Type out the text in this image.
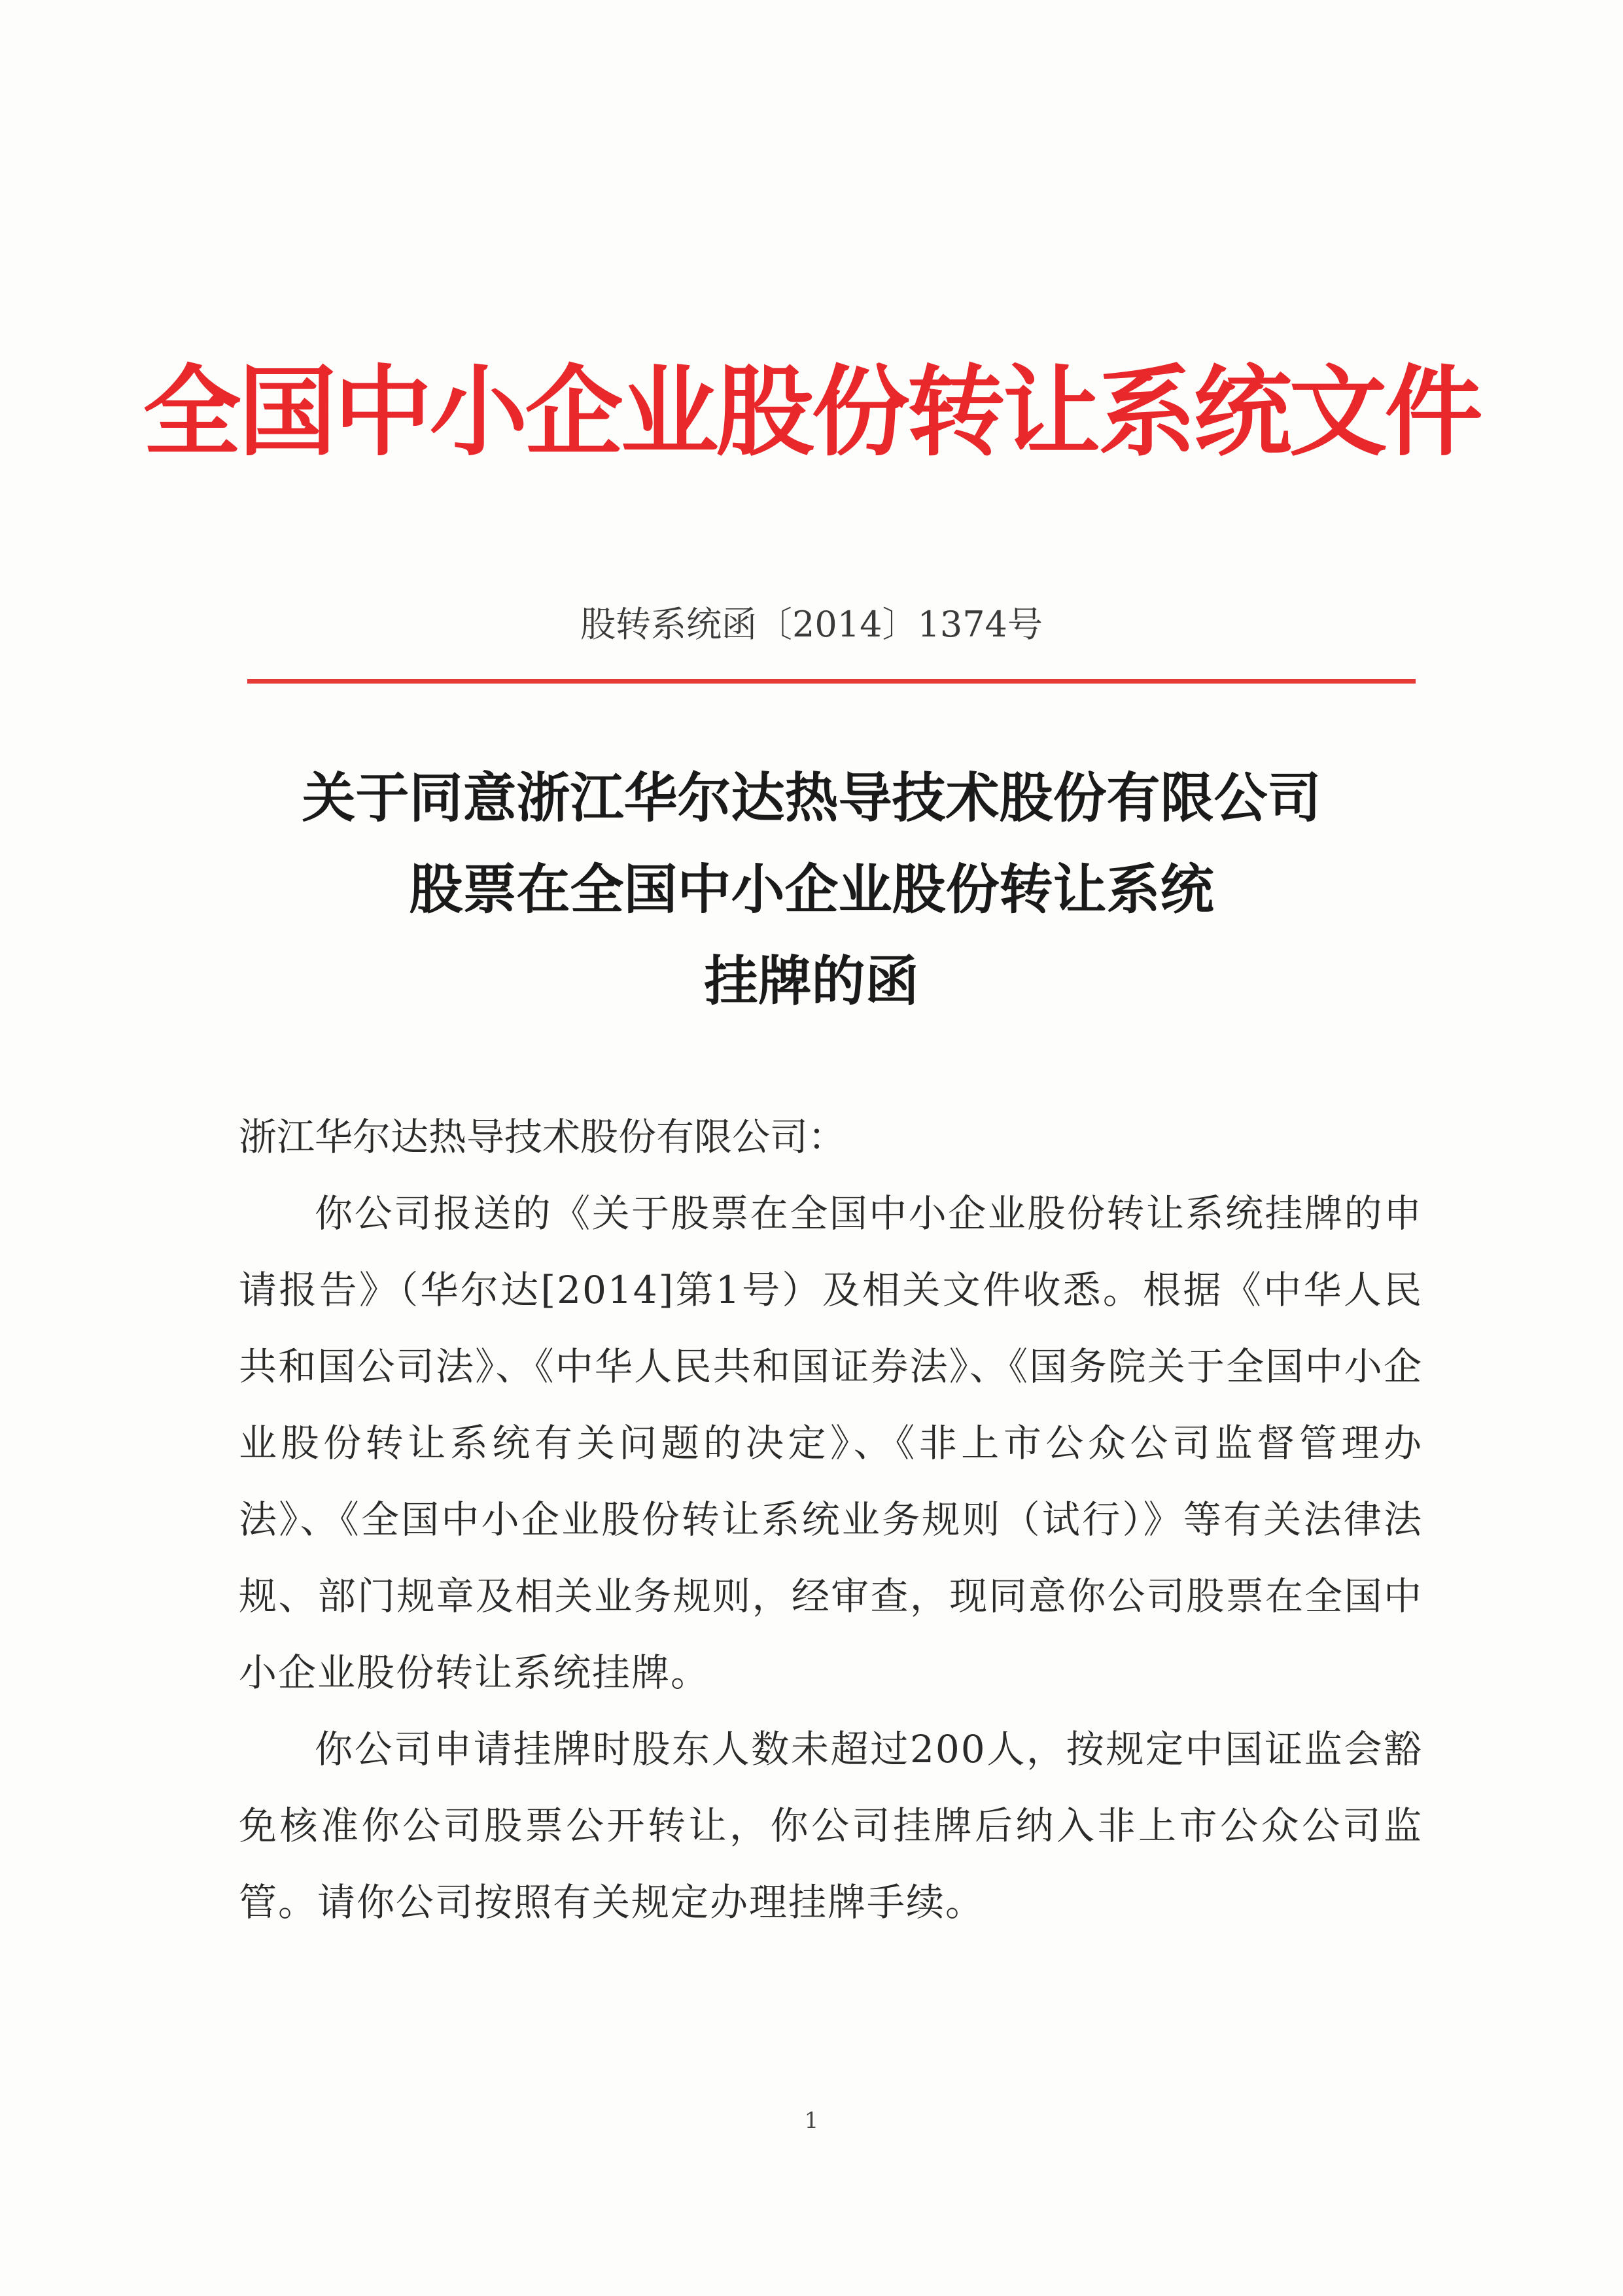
全国中小企业股份转让系统文件
股转系统函〔2014〕1374号
关于同意浙江华尔达热导技术股份有限公司
股票在全国中小企业股份转让系统
挂牌的函

浙江华尔达热导技术股份有限公司：

你公司报送的《关于股票在全国中小企业股份转让系统挂牌的申请报告》（华尔达[2014]第1号）及相关文件收悉。根据《中华人民共和国公司法》、《中华人民共和国证券法》、《国务院关于全国中小企业股份转让系统有关问题的决定》、《非上市公众公司监督管理办法》、《全国中小企业股份转让系统业务规则（试行）》等有关法律法规、部门规章及相关业务规则，经审查，现同意你公司股票在全国中小企业股份转让系统挂牌。

你公司申请挂牌时股东人数未超过200人，按规定中国证监会豁免核准你公司股票公开转让，你公司挂牌后纳入非上市公众公司监管。请你公司按照有关规定办理挂牌手续。

1
